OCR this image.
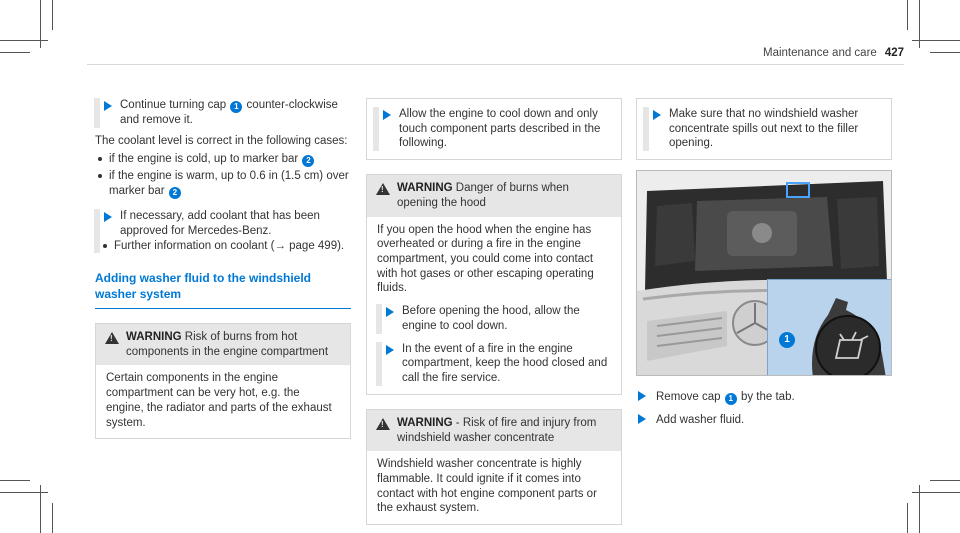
Maintenance and care 427
Continue turning cap 1 counter-clockwise and remove it.
The coolant level is correct in the following cases:
if the engine is cold, up to marker bar 2
if the engine is warm, up to 0.6 in (1.5 cm) over marker bar 2
If necessary, add coolant that has been approved for Mercedes-Benz.
Further information on coolant (→ page 499).
Adding washer fluid to the windshield washer system
!
WARNING Risk of burns from hot components in the engine compartment
Certain components in the engine compartment can be very hot, e.g. the engine, the radiator and parts of the exhaust system.
Allow the engine to cool down and only touch component parts described in the following.
!
WARNING Danger of burns when opening the hood
If you open the hood when the engine has overheated or during a fire in the engine compartment, you could come into contact with hot gases or other escaping operating fluids.
Before opening the hood, allow the engine to cool down.
In the event of a fire in the engine compartment, keep the hood closed and call the fire service.
!
WARNING - Risk of fire and injury from windshield washer concentrate
Windshield washer concentrate is highly flammable. It could ignite if it comes into contact with hot engine component parts or the exhaust system.
Make sure that no windshield washer concentrate spills out next to the filler opening.
1
Remove cap 1 by the tab.
Add washer fluid.
